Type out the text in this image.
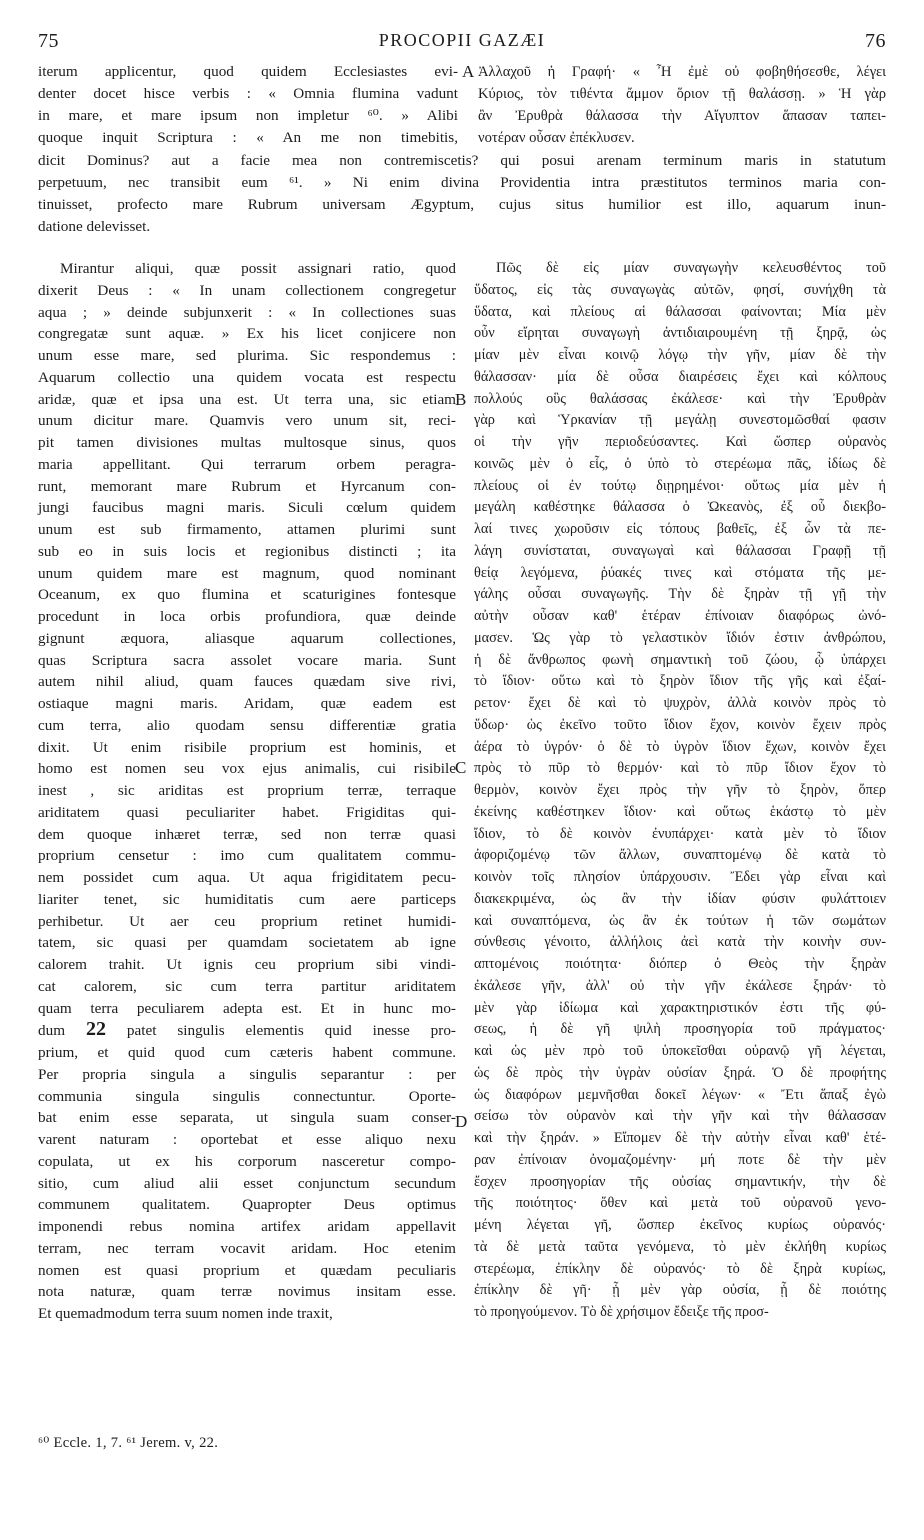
75	PROCOPII GAZÆI	76
iterum applicentur, quod quidem Ecclesiastes evi-
denter docet hisce verbis : « Omnia flumina vadunt
in mare, et mare ipsum non impletur ⁶⁰. » Alibi
quoque inquit Scriptura : « An me non timebitis,
A Ἀλλαχοῦ ἡ Γραφή· « Ἦ ἐμὲ οὐ φοβηθήσεσθε, λέγει
Κύριος, τὸν τιθέντα ἄμμον ὅριον τῇ θαλάσσῃ. » Ἡ γὰρ
ἂν Ἐρυθρὰ θάλασσα τὴν Αἴγυπτον ἅπασαν ταπει-
νοτέραν οὖσαν ἐπέκλυσεν.
dicit Dominus? aut a facie mea non contremiscetis? qui posui arenam terminum maris in statutum
perpetuum, nec transibit eum ⁶¹. » Ni enim divina Providentia intra præstitutos terminos maria con-
tinuisset, profecto mare Rubrum universam Ægyptum, cujus situs humilior est illo, aquarum inun-
datione delevisset.
Mirantur aliqui, quæ possit assignari ratio, quod
dixerit Deus : « In unam collectionem congregetur
aqua ; » deinde subjunxerit : « In collectiones suas
congregatæ sunt aquæ. » Ex his licet conjicere non
unum esse mare, sed plurima. Sic respondemus :
Aquarum collectio una quidem vocata est respectu
aridæ, quæ et ipsa una est. Ut terra una, sic etiam
unum dicitur mare. Quamvis vero unum sit, reci-
pit tamen divisiones multas multosque sinus, quos
maria appellitant. Qui terrarum orbem peragra-
runt, memorant mare Rubrum et Hyrcanum con-
jungi faucibus magni maris. Siculi cœlum quidem
unum est sub firmamento, attamen plurimi sunt
sub eo in suis locis et regionibus distincti ; ita
unum quidem mare est magnum, quod nominant
Oceanum, ex quo flumina et scaturigines fontesque
procedunt in loca orbis profundiora, quæ deinde
gignunt æquora, aliasque aquarum collectiones,
quas Scriptura sacra assolet vocare maria. Sunt
autem nihil aliud, quam fauces quædam sive rivi,
ostiaque magni maris. Aridam, quæ eadem est
cum terra, alio quodam sensu differentiæ gratia
dixit. Ut enim risibile proprium est hominis, et
homo est nomen seu vox ejus animalis, cui risibile
inest , sic ariditas est proprium terræ, terraque
ariditatem quasi peculiariter habet. Frigiditas qui-
dem quoque inhæret terræ, sed non terræ quasi
proprium censetur : imo cum qualitatem commu-
nem possidet cum aqua. Ut aqua frigiditatem pecu-
liariter tenet, sic humiditatis cum aere particeps
perhibetur. Ut aer ceu proprium retinet humidi-
tatem, sic quasi per quamdam societatem ab igne
calorem trahit. Ut ignis ceu proprium sibi vindi-
cat calorem, sic cum terra partitur ariditatem
quam terra peculiarem adepta est. Et in hunc mo-
dum 22 patet singulis elementis quid inesse pro-
prium, et quid quod cum cæteris habent commune.
Per propria singula a singulis separantur : per
communia singula singulis connectuntur. Oporte-
bat enim esse separata, ut singula suam conser-
varent naturam : oportebat et esse aliquo nexu
copulata, ut ex his corporum nasceretur compo-
sitio, cum aliud alii esset conjunctum secundum
communem qualitatem. Quapropter Deus optimus
imponendi rebus nomina artifex aridam appellavit
terram, nec terram vocavit aridam. Hoc etenim
nomen est quasi proprium et quædam peculiaris
nota naturæ, quam terræ novimus insitam esse.
Et quemadmodum terra suum nomen inde traxit,
B
C
D
Πῶς δὲ εἰς μίαν συναγωγὴν κελευσθέντος τοῦ
ὕδατος, εἰς τὰς συναγωγὰς αὐτῶν, φησί, συνήχθη τὰ
ὕδατα, καὶ πλείους αἱ θάλασσαι φαίνονται; Μία μὲν
οὖν εἴρηται συναγωγὴ ἀντιδιαιρουμένη τῇ ξηρᾷ, ὡς
μίαν μὲν εἶναι κοινῷ λόγῳ τὴν γῆν, μίαν δὲ τὴν
θάλασσαν· μία δὲ οὖσα διαιρέσεις ἔχει καὶ κόλπους
πολλούς οὓς θαλάσσας ἐκάλεσε· καὶ τὴν Ἐρυθρὰν
γὰρ καὶ Ὑρκανίαν τῇ μεγάλῃ συνεστομῶσθαί φασιν
οἱ τὴν γῆν περιοδεύσαντες. Καὶ ὥσπερ οὐρανὸς
κοινῶς μὲν ὁ εἷς, ὁ ὑπὸ τὸ στερέωμα πᾶς, ἰδίως δὲ
πλείους οἱ ἐν τούτῳ διῃρημένοι· οὕτως μία μὲν ἡ
μεγάλη καθέστηκε θάλασσα ὁ Ὠκεανὸς, ἐξ οὗ διεκβο-
λαί τινες χωροῦσιν εἰς τόπους βαθεῖς, ἐξ ὧν τὰ πε-
λάγη συνίσταται, συναγωγαὶ καὶ θάλασσαι Γραφῇ τῇ
θείᾳ λεγόμενα, ῥύακές τινες καὶ στόματα τῆς με-
γάλης οὖσαι συναγωγῆς. Τὴν δὲ ξηρὰν τῇ γῇ τὴν
αὐτὴν οὖσαν καθ' ἑτέραν ἐπίνοιαν διαφόρως ὠνό-
μασεν. Ὡς γὰρ τὸ γελαστικὸν ἴδιόν ἐστιν ἀνθρώπου,
ἡ δὲ ἄνθρωπος φωνὴ σημαντικὴ τοῦ ζώου, ᾧ ὑπάρχει
τὸ ἴδιον· οὕτω καὶ τὸ ξηρὸν ἴδιον τῆς γῆς καὶ ἐξαί-
ρετον· ἔχει δὲ καὶ τὸ ψυχρὸν, ἀλλὰ κοινὸν πρὸς τὸ
ὕδωρ· ὡς ἐκεῖνο τοῦτο ἴδιον ἔχον, κοινὸν ἔχειν πρὸς
ἀέρα τὸ ὑγρόν· ὁ δὲ τὸ ὑγρὸν ἴδιον ἔχων, κοινὸν ἔχει
πρὸς τὸ πῦρ τὸ θερμόν· καὶ τὸ πῦρ ἴδιον ἔχον τὸ
θερμὸν, κοινὸν ἔχει πρὸς τὴν γῆν τὸ ξηρὸν, ὅπερ
ἐκείνης καθέστηκεν ἴδιον· καὶ οὕτως ἑκάστῳ τὸ μὲν
ἴδιον, τὸ δὲ κοινὸν ἐνυπάρχει· κατὰ μὲν τὸ ἴδιον
ἀφοριζομένῳ τῶν ἄλλων, συναπτομένῳ δὲ κατὰ τὸ
κοινὸν τοῖς πλησίον ὑπάρχουσιν. Ἔδει γὰρ εἶναι καὶ
διακεκριμένα, ὡς ἂν τὴν ἰδίαν φύσιν φυλάττοιεν
καὶ συναπτόμενα, ὡς ἂν ἐκ τούτων ἡ τῶν σωμάτων
σύνθεσις γένοιτο, ἀλλήλοις ἀεὶ κατὰ τὴν κοινὴν συν-
απτομένοις ποιότητα· διόπερ ὁ Θεὸς τὴν ξηρὰν
ἐκάλεσε γῆν, ἀλλ' οὐ τὴν γῆν ἐκάλεσε ξηράν· τὸ
μὲν γὰρ ἰδίωμα καὶ χαρακτηριστικόν ἐστι τῆς φύ-
σεως, ἡ δὲ γῆ ψιλὴ προσηγορία τοῦ πράγματος·
καὶ ὡς μὲν πρὸ τοῦ ὑποκεῖσθαι οὐρανῷ γῆ λέγεται,
ὡς δὲ πρὸς τὴν ὑγρὰν οὐσίαν ξηρά. Ὁ δὲ προφήτης
ὡς διαφόρων μεμνῆσθαι δοκεῖ λέγων· « Ἔτι ἅπαξ ἐγὼ
σείσω τὸν οὐρανὸν καὶ τὴν γῆν καὶ τὴν θάλασσαν
καὶ τὴν ξηράν. » Εἴπομεν δὲ τὴν αὐτὴν εἶναι καθ' ἑτέ-
ραν ἐπίνοιαν ὀνομαζομένην· μή ποτε δὲ τὴν μὲν
ἔσχεν προσηγορίαν τῆς οὐσίας σημαντικήν, τὴν δὲ
τῆς ποιότητος· ὅθεν καὶ μετὰ τοῦ οὐρανοῦ γενο-
μένη λέγεται γῆ, ὥσπερ ἐκεῖνος κυρίως οὐρανός·
τὰ δὲ μετὰ ταῦτα γενόμενα, τὸ μὲν ἐκλήθη κυρίως
στερέωμα, ἐπίκλην δὲ οὐρανός· τὸ δὲ ξηρὰ κυρίως,
ἐπίκλην δὲ γῆ· ᾗ μὲν γὰρ οὐσία, ᾗ δὲ ποιότης
τὸ προηγούμενον. Τὸ δὲ χρήσιμον ἔδειξε τῆς προσ-
⁶⁰ Eccle. 1, 7. ⁶¹ Jerem. v, 22.
